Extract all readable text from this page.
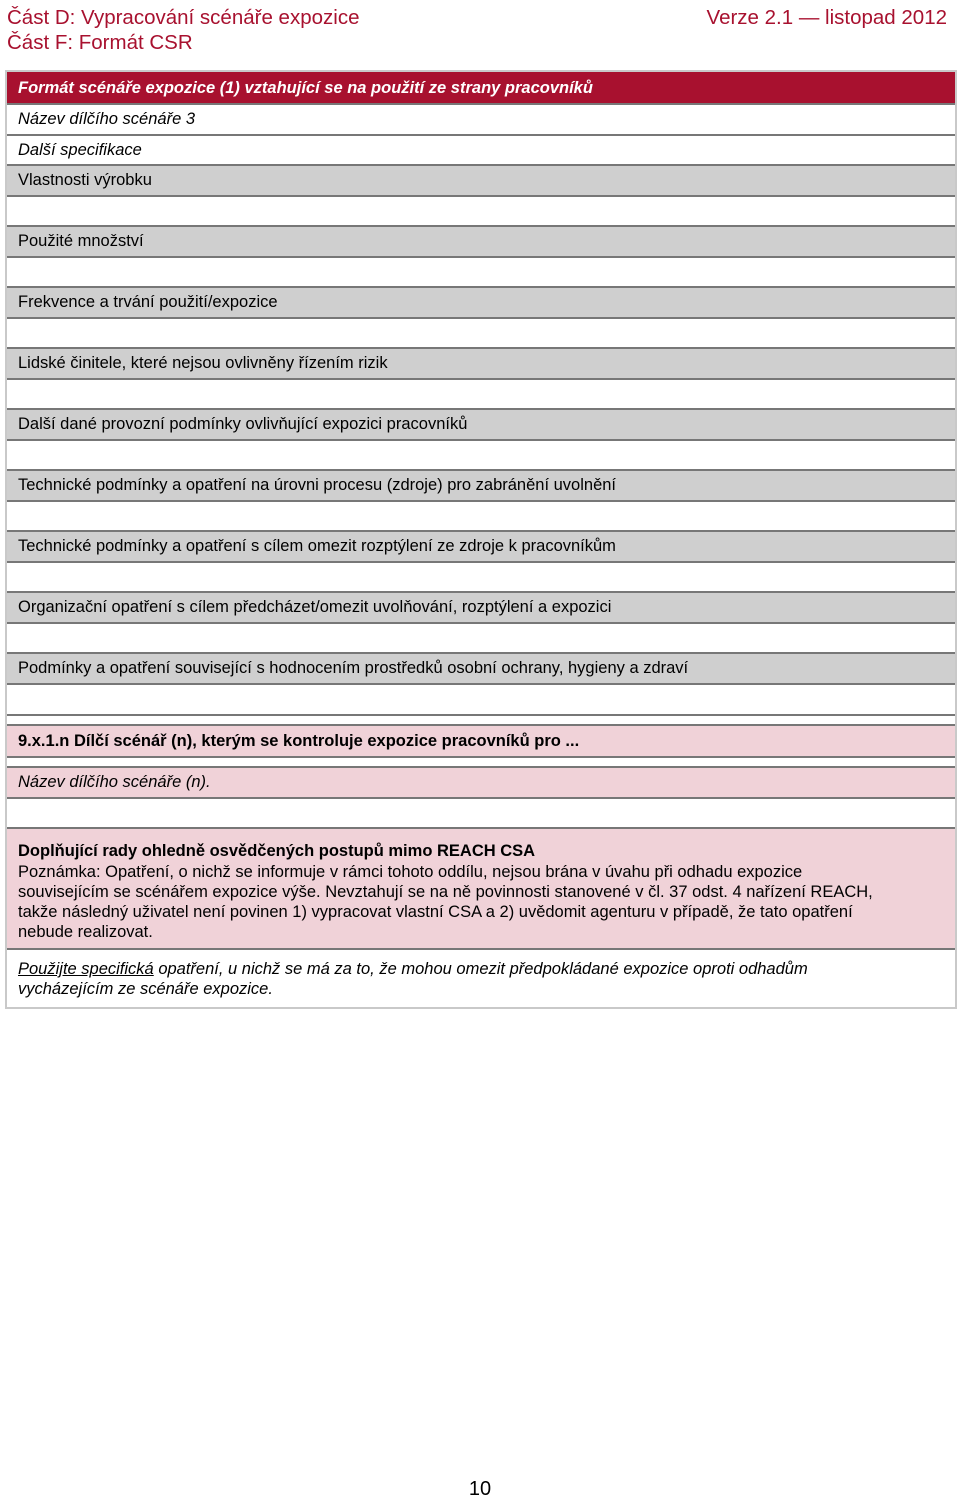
Část D: Vypracování scénáře expozice
Část F: Formát CSR
Verze 2.1 — listopad 2012
Formát scénáře expozice (1) vztahující se na použití ze strany pracovníků
Název dílčího scénáře 3
Další specifikace
Vlastnosti výrobku
Použité množství
Frekvence a trvání použití/expozice
Lidské činitele, které nejsou ovlivněny řízením rizik
Další dané provozní podmínky ovlivňující expozici pracovníků
Technické podmínky a opatření na úrovni procesu (zdroje) pro zabránění uvolnění
Technické podmínky a opatření s cílem omezit rozptýlení ze zdroje k pracovníkům
Organizační opatření s cílem předcházet/omezit uvolňování, rozptýlení a expozici
Podmínky a opatření související s hodnocením prostředků osobní ochrany, hygieny a zdraví
9.x.1.n Dílčí scénář (n), kterým se kontroluje expozice pracovníků pro ...
Název dílčího scénáře (n).
Doplňující rady ohledně osvědčených postupů mimo REACH CSA
Poznámka: Opatření, o nichž se informuje v rámci tohoto oddílu, nejsou brána v úvahu při odhadu expozice
souvisejícím se scénářem expozice výše. Nevztahují se na ně povinnosti stanovené v čl. 37 odst. 4 nařízení REACH,
takže následný uživatel není povinen 1) vypracovat vlastní CSA a 2) uvědomit agenturu v případě, že tato opatření
nebude realizovat.
Použijte specifická opatření, u nichž se má za to, že mohou omezit předpokládané expozice oproti odhadům
vycházejícím ze scénáře expozice.
10
